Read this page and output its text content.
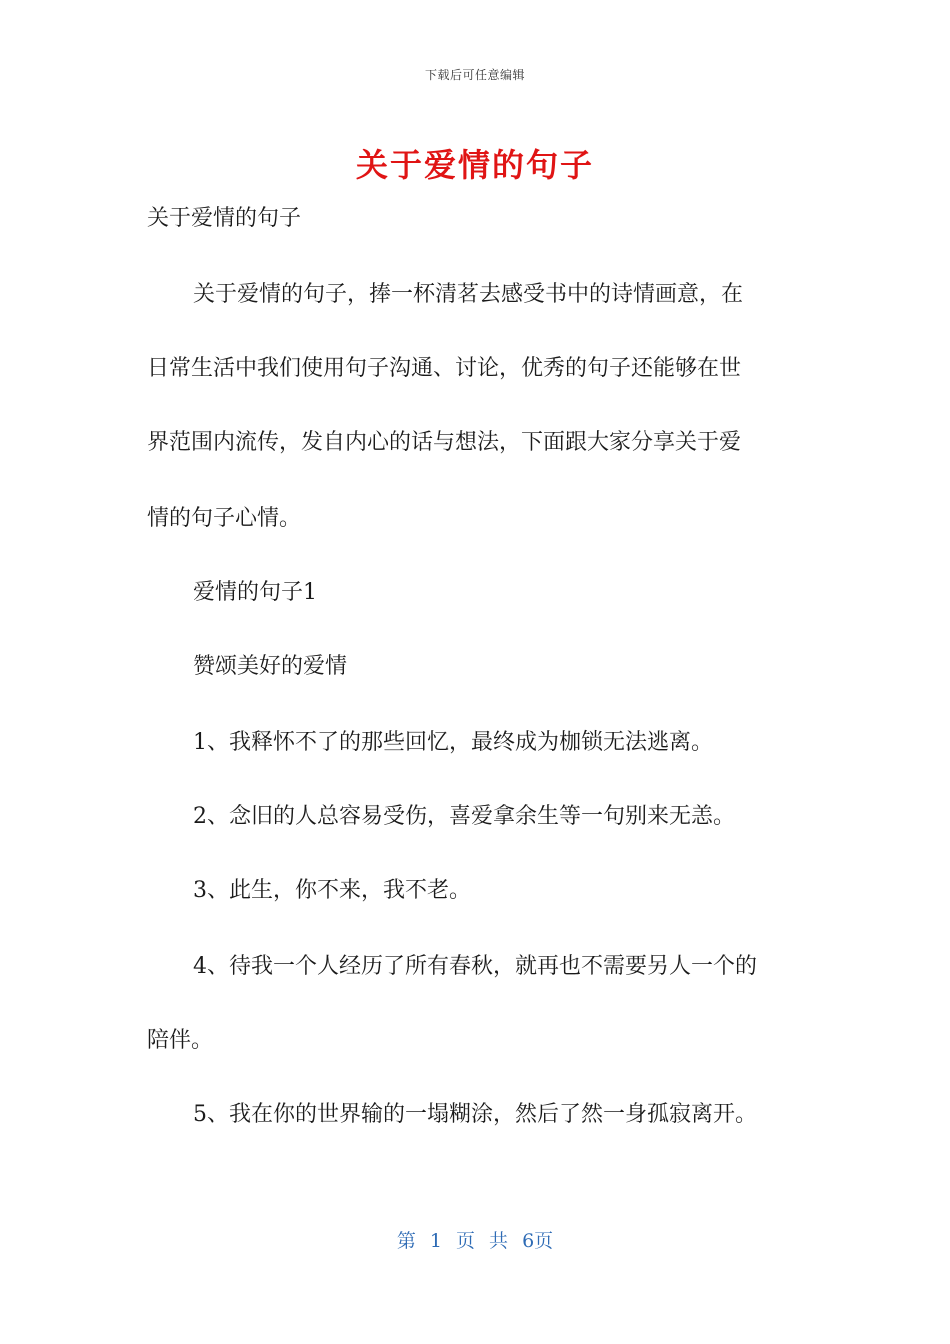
下载后可任意编辑
关于爱情的句子
关于爱情的句子
关于爱情的句子，捧一杯清茗去感受书中的诗情画意，在
日常生活中我们使用句子沟通、讨论，优秀的句子还能够在世
界范围内流传，发自内心的话与想法，下面跟大家分享关于爱
情的句子心情。
爱情的句子1
赞颂美好的爱情
1、我释怀不了的那些回忆，最终成为枷锁无法逃离。
2、念旧的人总容易受伤，喜爱拿余生等一句别来无恙。
3、此生，你不来，我不老。
4、待我一个人经历了所有春秋，就再也不需要另人一个的
陪伴。
5、我在你的世界输的一塌糊涂，然后了然一身孤寂离开。
第 1 页 共 6页
